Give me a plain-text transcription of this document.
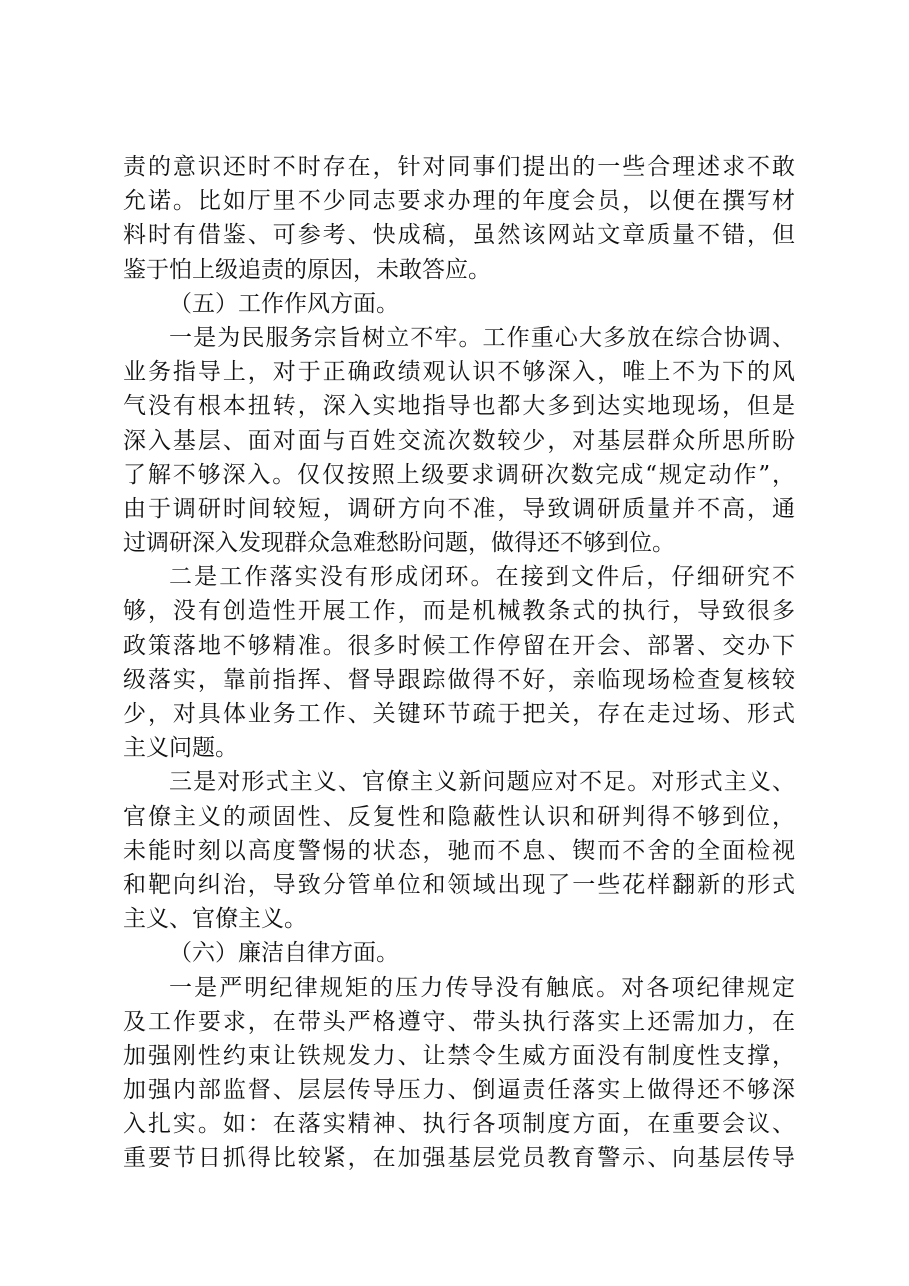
责的意识还时不时存在，针对同事们提出的一些合理述求不敢
允诺。比如厅里不少同志要求办理的年度会员，以便在撰写材
料时有借鉴、可参考、快成稿，虽然该网站文章质量不错，但
鉴于怕上级追责的原因，未敢答应。
（五）工作作风方面。
一是为民服务宗旨树立不牢。工作重心大多放在综合协调、
业务指导上，对于正确政绩观认识不够深入，唯上不为下的风
气没有根本扭转，深入实地指导也都大多到达实地现场，但是
深入基层、面对面与百姓交流次数较少，对基层群众所思所盼
了解不够深入。仅仅按照上级要求调研次数完成“规定动作”，
由于调研时间较短，调研方向不准，导致调研质量并不高，通
过调研深入发现群众急难愁盼问题，做得还不够到位。
二是工作落实没有形成闭环。在接到文件后，仔细研究不
够，没有创造性开展工作，而是机械教条式的执行，导致很多
政策落地不够精准。很多时候工作停留在开会、部署、交办下
级落实，靠前指挥、督导跟踪做得不好，亲临现场检查复核较
少，对具体业务工作、关键环节疏于把关，存在走过场、形式
主义问题。
三是对形式主义、官僚主义新问题应对不足。对形式主义、
官僚主义的顽固性、反复性和隐蔽性认识和研判得不够到位，
未能时刻以高度警惕的状态，驰而不息、锲而不舍的全面检视
和靶向纠治，导致分管单位和领域出现了一些花样翻新的形式
主义、官僚主义。
（六）廉洁自律方面。
一是严明纪律规矩的压力传导没有触底。对各项纪律规定
及工作要求，在带头严格遵守、带头执行落实上还需加力，在
加强刚性约束让铁规发力、让禁令生威方面没有制度性支撑，
加强内部监督、层层传导压力、倒逼责任落实上做得还不够深
入扎实。如：在落实精神、执行各项制度方面，在重要会议、
重要节日抓得比较紧，在加强基层党员教育警示、向基层传导
